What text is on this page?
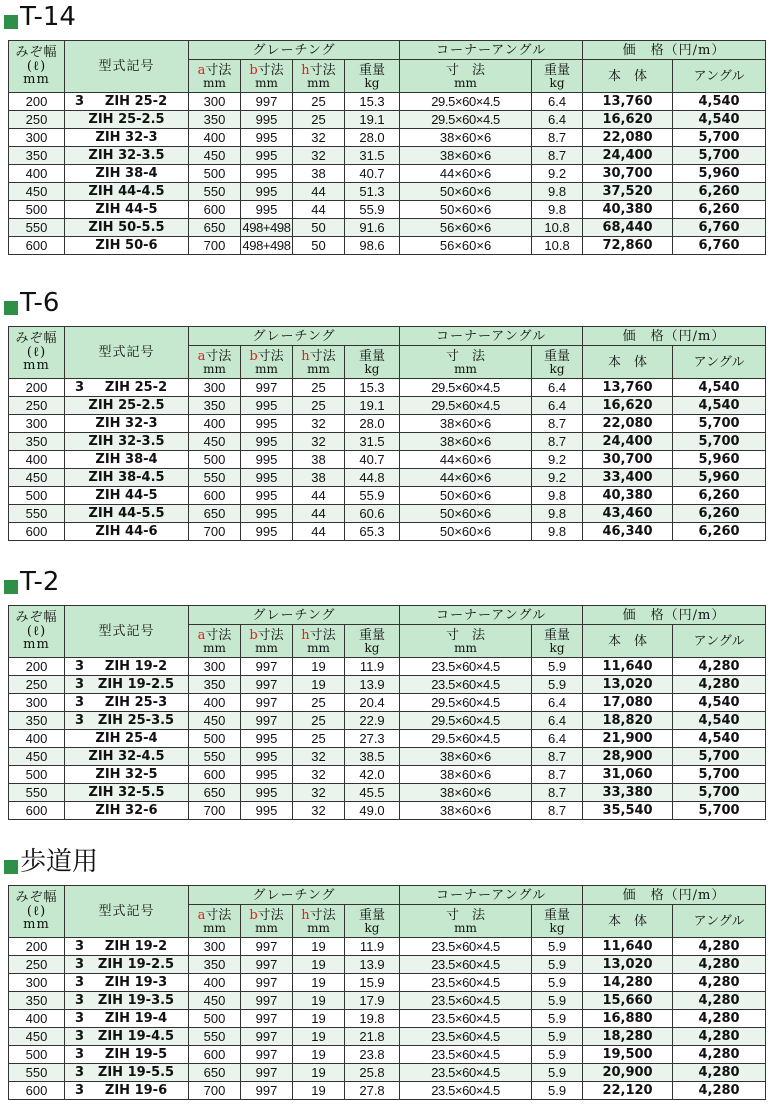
T-14
みぞ幅
(ℓ)
mm	型式記号	グレーチング				コーナーアングル		価　格（円/m）	
		a寸法
mm	b寸法
mm	h寸法
mm	重量
kg	寸　法
mm	重量
kg	本　体	アングル
200	3 ZIH 25-2	300	997	25	15.3	29.5×60×4.5	6.4	13,760	4,540
250	ZIH 25-2.5	350	995	25	19.1	29.5×60×4.5	6.4	16,620	4,540
300	ZIH 32-3	400	995	32	28.0	38×60×6	8.7	22,080	5,700
350	ZIH 32-3.5	450	995	32	31.5	38×60×6	8.7	24,400	5,700
400	ZIH 38-4	500	995	38	40.7	44×60×6	9.2	30,700	5,960
450	ZIH 44-4.5	550	995	44	51.3	50×60×6	9.8	37,520	6,260
500	ZIH 44-5	600	995	44	55.9	50×60×6	9.8	40,380	6,260
550	ZIH 50-5.5	650	498+498	50	91.6	56×60×6	10.8	68,440	6,760
600	ZIH 50-6	700	498+498	50	98.6	56×60×6	10.8	72,860	6,760
T-6
みぞ幅
(ℓ)
mm	型式記号	グレーチング				コーナーアングル		価　格（円/m）	
		a寸法
mm	b寸法
mm	h寸法
mm	重量
kg	寸　法
mm	重量
kg	本　体	アングル
200	3 ZIH 25-2	300	997	25	15.3	29.5×60×4.5	6.4	13,760	4,540
250	ZIH 25-2.5	350	995	25	19.1	29.5×60×4.5	6.4	16,620	4,540
300	ZIH 32-3	400	995	32	28.0	38×60×6	8.7	22,080	5,700
350	ZIH 32-3.5	450	995	32	31.5	38×60×6	8.7	24,400	5,700
400	ZIH 38-4	500	995	38	40.7	44×60×6	9.2	30,700	5,960
450	ZIH 38-4.5	550	995	38	44.8	44×60×6	9.2	33,400	5,960
500	ZIH 44-5	600	995	44	55.9	50×60×6	9.8	40,380	6,260
550	ZIH 44-5.5	650	995	44	60.6	50×60×6	9.8	43,460	6,260
600	ZIH 44-6	700	995	44	65.3	50×60×6	9.8	46,340	6,260
T-2
みぞ幅
(ℓ)
mm	型式記号	グレーチング				コーナーアングル		価　格（円/m）	
		a寸法
mm	b寸法
mm	h寸法
mm	重量
kg	寸　法
mm	重量
kg	本　体	アングル
200	3 ZIH 19-2	300	997	19	11.9	23.5×60×4.5	5.9	11,640	4,280
250	3 ZIH 19-2.5	350	997	19	13.9	23.5×60×4.5	5.9	13,020	4,280
300	3 ZIH 25-3	400	997	25	20.4	29.5×60×4.5	6.4	17,080	4,540
350	3 ZIH 25-3.5	450	997	25	22.9	29.5×60×4.5	6.4	18,820	4,540
400	ZIH 25-4	500	995	25	27.3	29.5×60×4.5	6.4	21,900	4,540
450	ZIH 32-4.5	550	995	32	38.5	38×60×6	8.7	28,900	5,700
500	ZIH 32-5	600	995	32	42.0	38×60×6	8.7	31,060	5,700
550	ZIH 32-5.5	650	995	32	45.5	38×60×6	8.7	33,380	5,700
600	ZIH 32-6	700	995	32	49.0	38×60×6	8.7	35,540	5,700
歩道用
みぞ幅
(ℓ)
mm	型式記号	グレーチング				コーナーアングル		価　格（円/m）	
		a寸法
mm	b寸法
mm	h寸法
mm	重量
kg	寸　法
mm	重量
kg	本　体	アングル
200	3 ZIH 19-2	300	997	19	11.9	23.5×60×4.5	5.9	11,640	4,280
250	3 ZIH 19-2.5	350	997	19	13.9	23.5×60×4.5	5.9	13,020	4,280
300	3 ZIH 19-3	400	997	19	15.9	23.5×60×4.5	5.9	14,280	4,280
350	3 ZIH 19-3.5	450	997	19	17.9	23.5×60×4.5	5.9	15,660	4,280
400	3 ZIH 19-4	500	997	19	19.8	23.5×60×4.5	5.9	16,880	4,280
450	3 ZIH 19-4.5	550	997	19	21.8	23.5×60×4.5	5.9	18,280	4,280
500	3 ZIH 19-5	600	997	19	23.8	23.5×60×4.5	5.9	19,500	4,280
550	3 ZIH 19-5.5	650	997	19	25.8	23.5×60×4.5	5.9	20,900	4,280
600	3 ZIH 19-6	700	997	19	27.8	23.5×60×4.5	5.9	22,120	4,280
